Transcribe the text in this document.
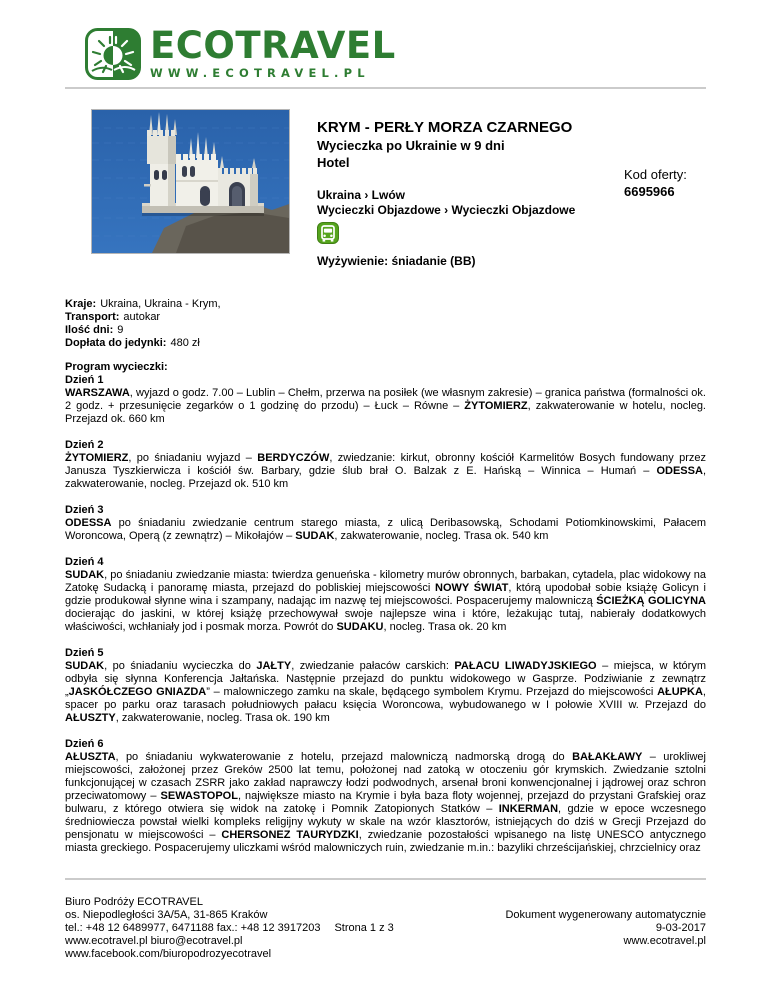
ECOTRAVEL
WWW.ECOTRAVEL.PL
KRYM - PERŁY MORZA CZARNEGO
Wycieczka po Ukrainie w 9 dni
Hotel
Ukraina › Lwów
Wycieczki Objazdowe › Wycieczki Objazdowe
Wyżywienie: śniadanie (BB)
Kod oferty:
6695966
Kraje: Ukraina, Ukraina - Krym,
Transport: autokar
Ilość dni: 9
Dopłata do jedynki: 480 zł
Program wycieczki:
Dzień 1

WARSZAWA, wyjazd o godz. 7.00 – Lublin – Chełm, przerwa na posiłek (we własnym zakresie) – granica państwa (formalności ok. 2 godz. + przesunięcie zegarków o 1 godzinę do przodu) – Łuck – Równe – ŻYTOMIERZ, zakwaterowanie w hotelu, nocleg. Przejazd ok. 660 km

Dzień 2

ŻYTOMIERZ, po śniadaniu wyjazd – BERDYCZÓW, zwiedzanie: kirkut, obronny kościół Karmelitów Bosych fundowany przez Janusza Tyszkierwicza i kościół św. Barbary, gdzie ślub brał O. Balzak z E. Hańską – Winnica – Humań – ODESSA, zakwaterowanie, nocleg. Przejazd ok. 510 km

Dzień 3

ODESSA po śniadaniu zwiedzanie centrum starego miasta, z ulicą Deribasowską, Schodami Potiomkinowskimi, Pałacem Woroncowa, Operą (z zewnątrz) – Mikołajów – SUDAK, zakwaterowanie, nocleg. Trasa ok. 540 km

Dzień 4

SUDAK, po śniadaniu zwiedzanie miasta: twierdza genueńska - kilometry murów obronnych, barbakan, cytadela, plac widokowy na Zatokę Sudacką i panoramę miasta, przejazd do pobliskiej miejscowości NOWY ŚWIAT, którą upodobał sobie książę Golicyn i gdzie produkował słynne wina i szampany, nadając im nazwę tej miejscowości. Pospacerujemy malowniczą ŚCIEŻKĄ GOLICYNA docierając do jaskini, w której książę przechowywał swoje najlepsze wina i które, leżakując tutaj, nabierały dodatkowych właściwości, wchłaniały jod i posmak morza. Powrót do SUDAKU, nocleg. Trasa ok. 20 km

Dzień 5

SUDAK, po śniadaniu wycieczka do JAŁTY, zwiedzanie pałaców carskich: PAŁACU LIWADYJSKIEGO – miejsca, w którym odbyła się słynna Konferencja Jałtańska. Następnie przejazd do punktu widokowego w Gasprze. Podziwianie z zewnątrz „JASKÓŁCZEGO GNIAZDA” – malowniczego zamku na skale, będącego symbolem Krymu. Przejazd do miejscowości AŁUPKA, spacer po parku oraz tarasach południowych pałacu księcia Woroncowa, wybudowanego w I połowie XVIII w. Przejazd do AŁUSZTY, zakwaterowanie, nocleg. Trasa ok. 190 km

Dzień 6

AŁUSZTA, po śniadaniu wykwaterowanie z hotelu, przejazd malowniczą nadmorską drogą do BAŁAKŁAWY – urokliwej miejscowości, założonej przez Greków 2500 lat temu, położonej nad zatoką w otoczeniu gór krymskich. Zwiedzanie sztolni funkcjonującej w czasach ZSRR jako zakład naprawczy łodzi podwodnych, arsenał broni konwencjonalnej i jądrowej oraz schron przeciwatomowy – SEWASTOPOL, największe miasto na Krymie i była baza floty wojennej, przejazd do przystani Grafskiej oraz bulwaru, z którego otwiera się widok na zatokę i Pomnik Zatopionych Statków – INKERMAN, gdzie w epoce wczesnego średniowiecza powstał wielki kompleks religijny wykuty w skale na wzór klasztorów, istniejących do dziś w Grecji Przejazd do pensjonatu w miejscowości – CHERSONEZ TAURYDZKI, zwiedzanie pozostałości wpisanego na listę UNESCO antycznego miasta greckiego. Pospacerujemy uliczkami wśród malowniczych ruin, zwiedzanie m.in.: bazyliki chrześcijańskiej, chrzcielnicy oraz

Biuro Podróży ECOTRAVEL
os. Niepodległości 3A/5A, 31-865 Kraków
tel.: +48 12 6489977, 6471188 fax.: +48 12 3917203 Strona 1 z 3
www.ecotravel.pl biuro@ecotravel.pl
www.facebook.com/biuropodrozyecotravel
Dokument wygenerowany automatycznie
9-03-2017
www.ecotravel.pl
